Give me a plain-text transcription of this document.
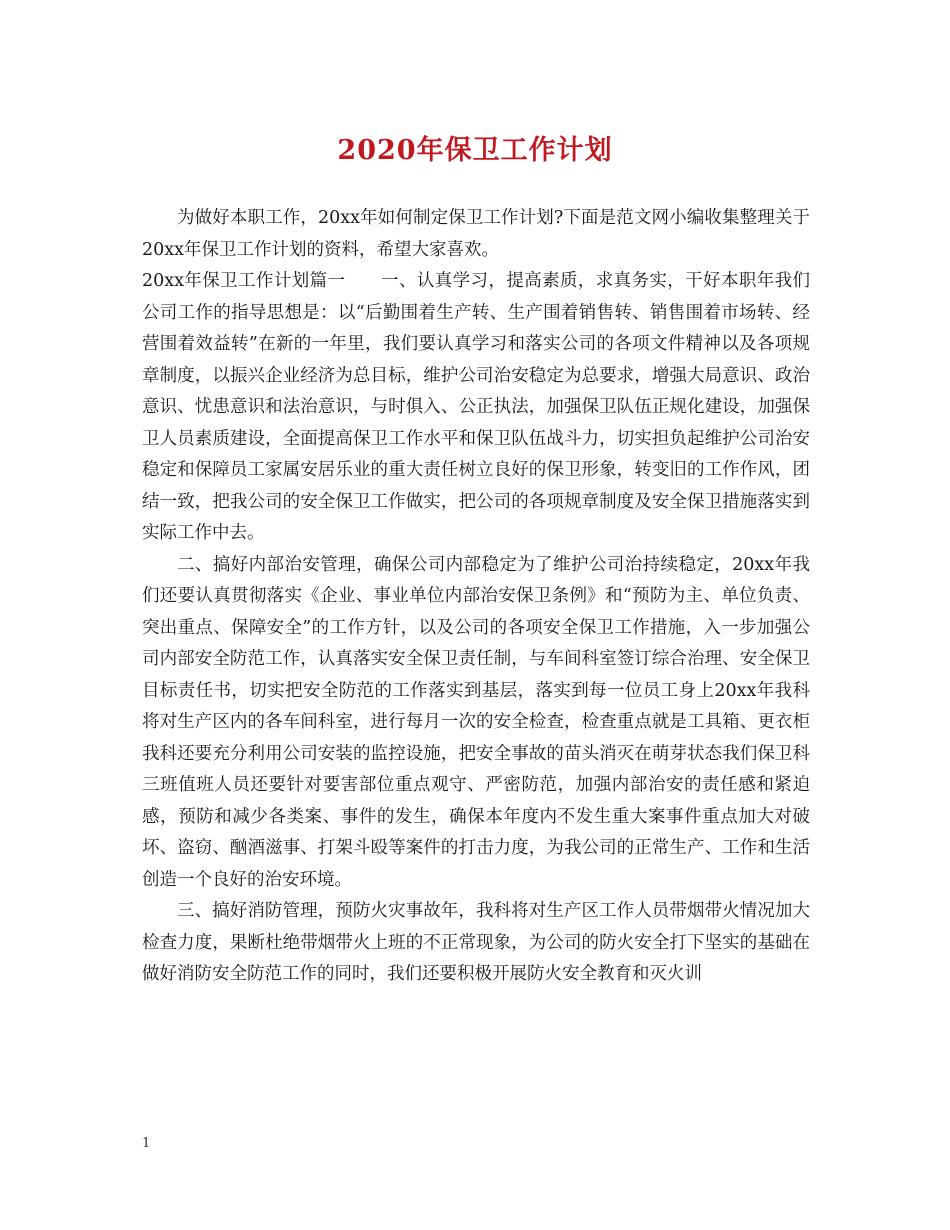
2020年保卫工作计划

为做好本职工作，20xx年如何制定保卫工作计划?下面是范文网小编收集整理关于20xx年保卫工作计划的资料，希望大家喜欢。

20xx年保卫工作计划篇一　　一、认真学习，提高素质，求真务实，干好本职年我们公司工作的指导思想是：以“后勤围着生产转、生产围着销售转、销售围着市场转、经营围着效益转”在新的一年里，我们要认真学习和落实公司的各项文件精神以及各项规章制度，以振兴企业经济为总目标，维护公司治安稳定为总要求，增强大局意识、政治意识、忧患意识和法治意识，与时俱入、公正执法，加强保卫队伍正规化建设，加强保卫人员素质建设，全面提高保卫工作水平和保卫队伍战斗力，切实担负起维护公司治安稳定和保障员工家属安居乐业的重大责任树立良好的保卫形象，转变旧的工作作风，团结一致，把我公司的安全保卫工作做实，把公司的各项规章制度及安全保卫措施落实到实际工作中去。

二、搞好内部治安管理，确保公司内部稳定为了维护公司治持续稳定，20xx年我们还要认真贯彻落实《企业、事业单位内部治安保卫条例》和“预防为主、单位负责、突出重点、保障安全”的工作方针，以及公司的各项安全保卫工作措施，入一步加强公司内部安全防范工作，认真落实安全保卫责任制，与车间科室签订综合治理、安全保卫目标责任书，切实把安全防范的工作落实到基层，落实到每一位员工身上20xx年我科将对生产区内的各车间科室，进行每月一次的安全检查，检查重点就是工具箱、更衣柜我科还要充分利用公司安装的监控设施，把安全事故的苗头消灭在萌芽状态我们保卫科三班值班人员还要针对要害部位重点观守、严密防范，加强内部治安的责任感和紧迫感，预防和减少各类案、事件的发生，确保本年度内不发生重大案事件重点加大对破坏、盗窃、酗酒滋事、打架斗殴等案件的打击力度，为我公司的正常生产、工作和生活创造一个良好的治安环境。

三、搞好消防管理，预防火灾事故年，我科将对生产区工作人员带烟带火情况加大检查力度，果断杜绝带烟带火上班的不正常现象，为公司的防火安全打下坚实的基础在做好消防安全防范工作的同时，我们还要积极开展防火安全教育和灭火训

1
